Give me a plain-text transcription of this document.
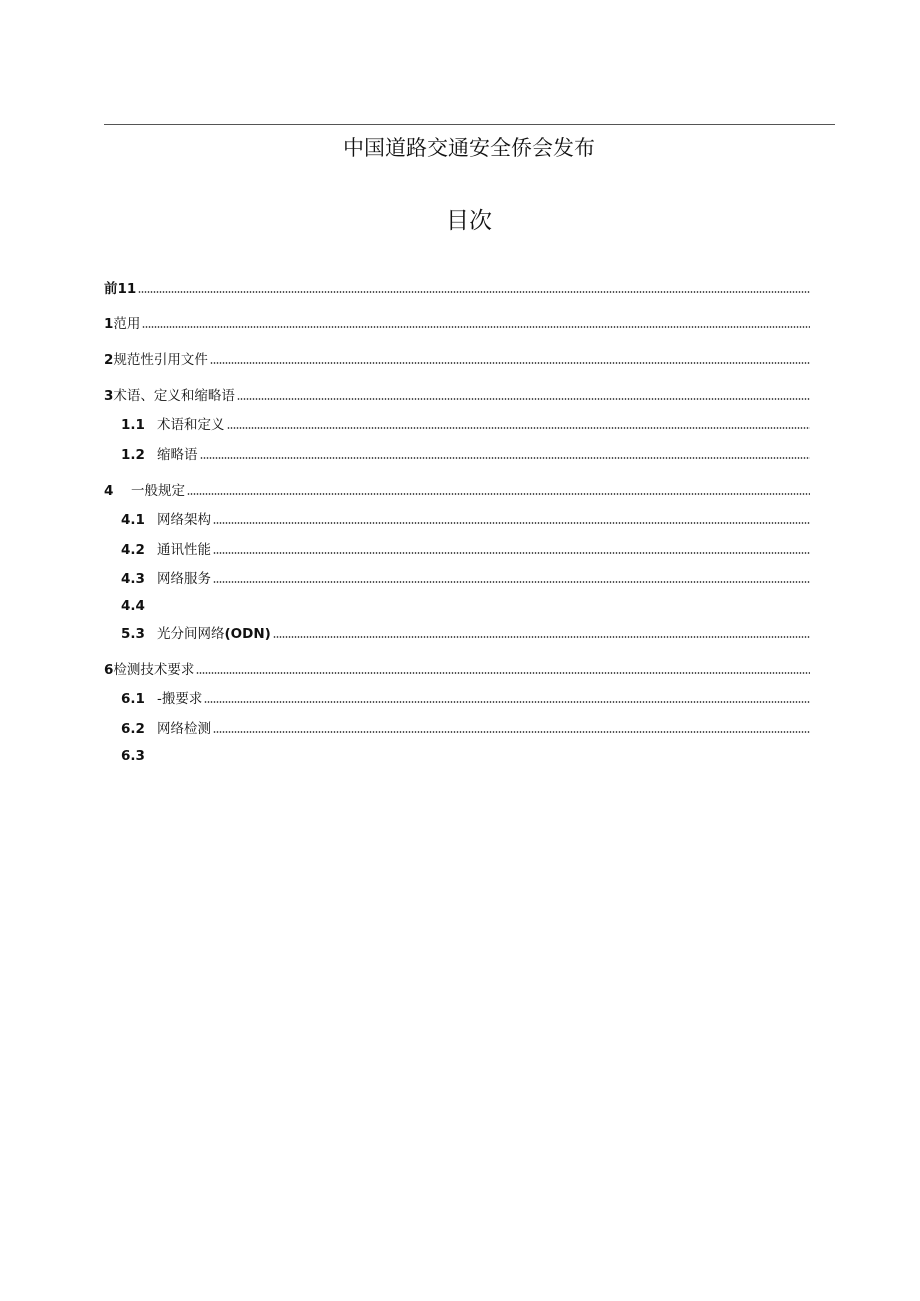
中国道路交通安全侨会发布
目次
前11
1 范用
2 规范性引用文件
3 术语、定义和缩略语
1.1 术语和定义
1.2 缩略语
4	一般规定
4.1 网络架构
4.2 通讯性能
4.3 网络服务
4.4
5.3 光分间网络 (ODN)
6 检测技术要求
6.1 -搬要求
6.2 网络检测
6.3
